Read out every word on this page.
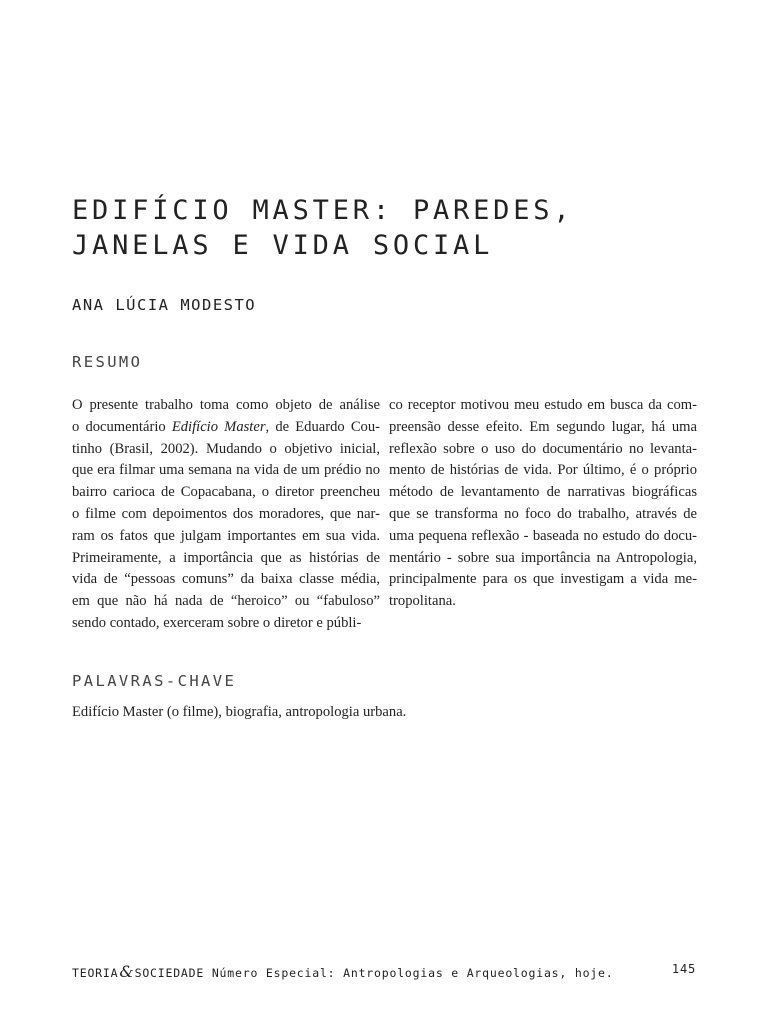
EDIFÍCIO MASTER: PAREDES, JANELAS E VIDA SOCIAL
ANA LÚCIA MODESTO
RESUMO
O presente trabalho toma como objeto de análise
o documentário Edifício Master, de Eduardo Cou-
tinho (Brasil, 2002). Mudando o objetivo inicial,
que era filmar uma semana na vida de um prédio no
bairro carioca de Copacabana, o diretor preencheu
o filme com depoimentos dos moradores, que nar-
ram os fatos que julgam importantes em sua vida.
Primeiramente, a importância que as histórias de
vida de “pessoas comuns” da baixa classe média,
em que não há nada de “heroico” ou “fabuloso”
sendo contado, exerceram sobre o diretor e públi-
co receptor motivou meu estudo em busca da com-
preensão desse efeito. Em segundo lugar, há uma
reflexão sobre o uso do documentário no levanta-
mento de histórias de vida. Por último, é o próprio
método de levantamento de narrativas biográficas
que se transforma no foco do trabalho, através de
uma pequena reflexão - baseada no estudo do docu-
mentário - sobre sua importância na Antropologia,
principalmente para os que investigam a vida me-
tropolitana.
PALAVRAS-CHAVE
Edifício Master (o filme), biografia, antropologia urbana.
TEORIA&SOCIEDADE Número Especial: Antropologias e Arqueologias, hoje.	145
